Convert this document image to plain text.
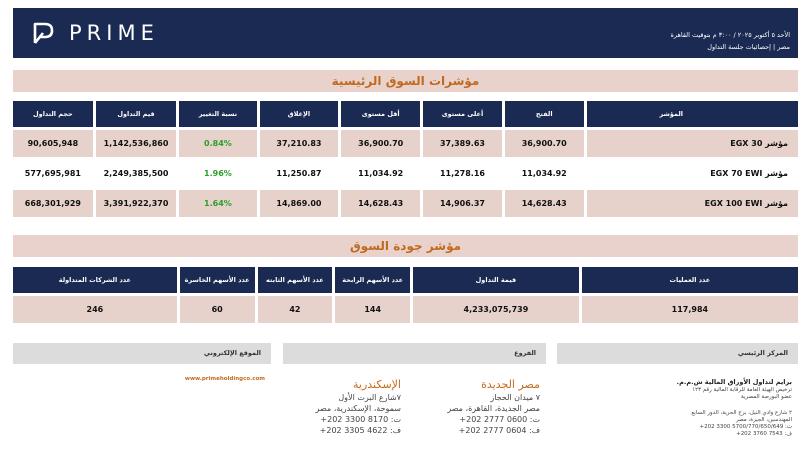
PRIME	الأحد ٥ أكتوبر ٢٠٢٥ / ٣:٠٠ م بتوقيت القاهرة
مصر | إحصائيات جلسة التداول
مؤشرات السوق الرئيسية
المؤشر	الفتح	أعلى مستوى	أقل مستوى	الإغلاق	نسبة التغيير	قيم التداول	حجم التداول
مؤشر EGX 30	36,900.70	37,389.63	36,900.70	37,210.83	0.84%	1,142,536,860	90,605,948
مؤشر EGX 70 EWI	11,034.92	11,278.16	11,034.92	11,250.87	1.96%	2,249,385,500	577,695,981
مؤشر EGX 100 EWI	14,628.43	14,906.37	14,628.43	14,869.00	1.64%	3,391,922,370	668,301,929
مؤشر جودة السوق
عدد العمليات	قيمة التداول	عدد الأسهم الرابحة	عدد الأسهم الثابته	عدد الأسهم الخاسرة	عدد الشركات المتداولة
117,984	4,233,075,739	144	42	60	246
المركز الرئيسي
الفروع
الموقع الإلكتروني
www.primeholdingco.com	مصر الجديدة
٧ ميدان الحجاز
مصر الجديدة، القاهرة، مصر
ت: 0600 2777 202+
ف: 0604 2777 202+
الإسكندرية
٧شارع البرت الأول
سموحة، الإسكندرية، مصر
ت: 8170 3300 202+
ف: 4622 3305 202+
برايم لتداول الأوراق المالية ش.م.م.
ترخيص الهيئة العامة للرقابة المالية رقم ١٢٣
عضو البورصة المصرية
٢ شارع وادي النيل، برج الحرية، الدور السابع
المهندسين، الجيزة، مصر
ت: 5700/770/650/649 3300 202+
ف: 7543 3760 202+
